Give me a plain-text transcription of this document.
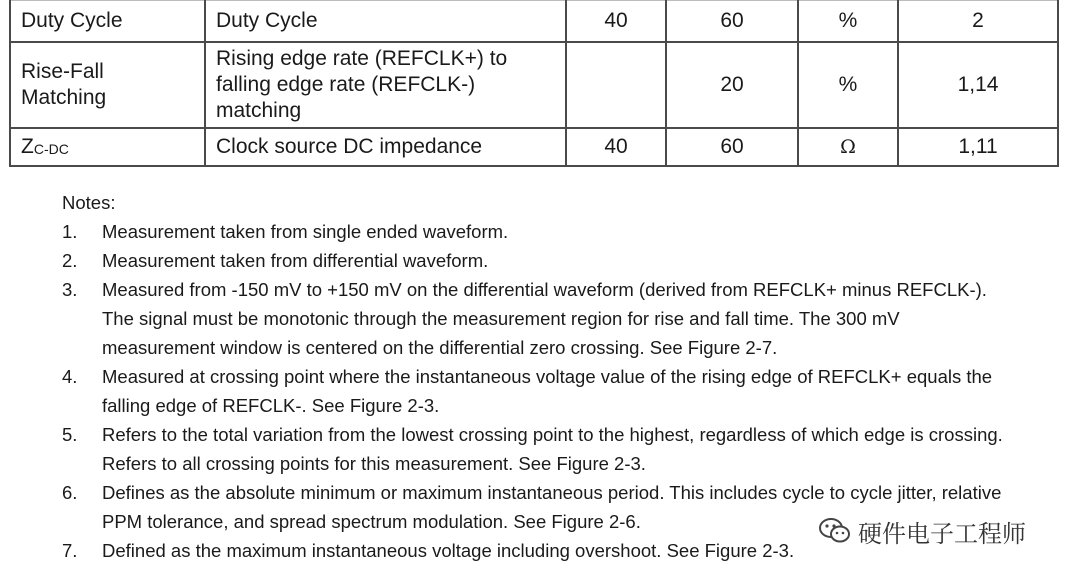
Duty Cycle	Duty Cycle	40	60	%	2
Rise-Fall Matching	Rising edge rate (REFCLK+) to falling edge rate (REFCLK-) matching		20	%	1,14
ZC-DC	Clock source DC impedance	40	60	Ω	1,11
Notes:
1. Measurement taken from single ended waveform.
2. Measurement taken from differential waveform.
3. Measured from -150 mV to +150 mV on the differential waveform (derived from REFCLK+ minus REFCLK-). The signal must be monotonic through the measurement region for rise and fall time. The 300 mV measurement window is centered on the differential zero crossing. See Figure 2-7.
4. Measured at crossing point where the instantaneous voltage value of the rising edge of REFCLK+ equals the falling edge of REFCLK-. See Figure 2-3.
5. Refers to the total variation from the lowest crossing point to the highest, regardless of which edge is crossing. Refers to all crossing points for this measurement. See Figure 2-3.
6. Defines as the absolute minimum or maximum instantaneous period. This includes cycle to cycle jitter, relative PPM tolerance, and spread spectrum modulation. See Figure 2-6.
7. Defined as the maximum instantaneous voltage including overshoot. See Figure 2-3.
硬件电子工程师
